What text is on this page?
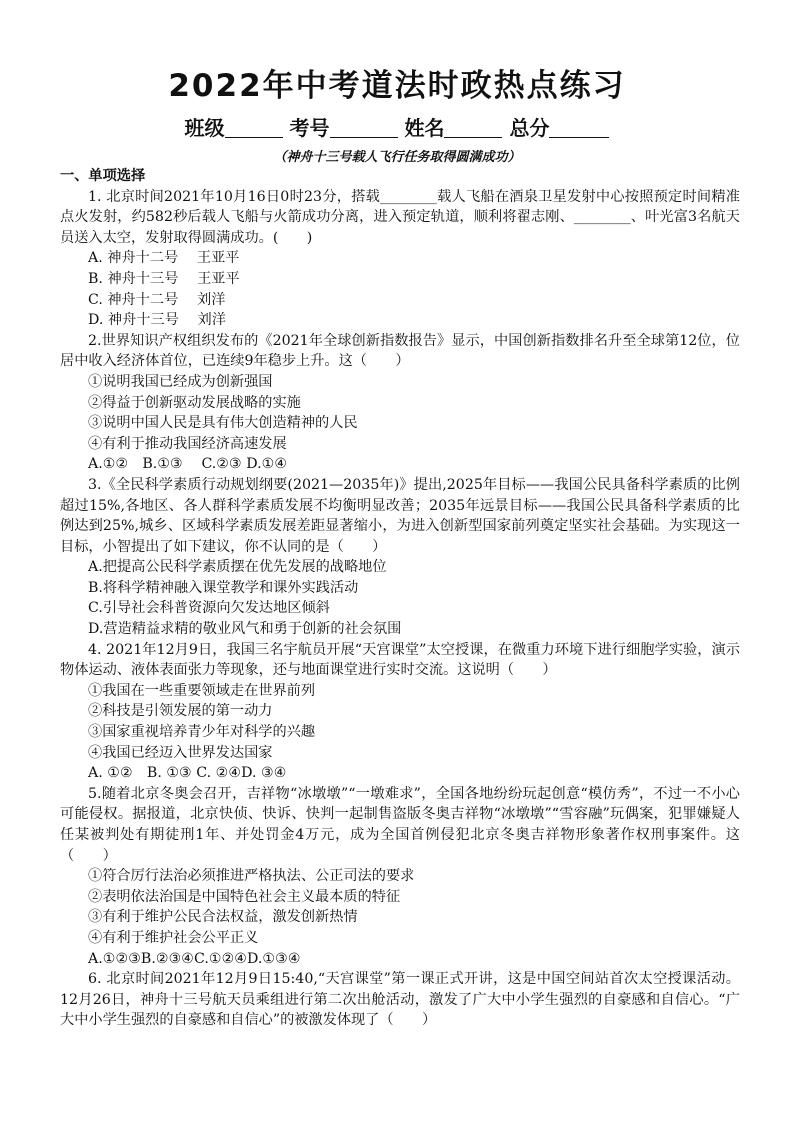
2022年中考道法时政热点练习
班级	考号	姓名	总分
（神舟十三号载人飞行任务取得圆满成功）
一、单项选择

1. 北京时间2021年10月16日0时23分，搭载________载人飞船在酒泉卫星发射中心按照预定时间精准点火发射，约582秒后载人飞船与火箭成功分离，进入预定轨道，顺利将翟志刚、________、叶光富3名航天员送入太空，发射取得圆满成功。(　　)

A. 神舟十二号　 王亚平

B. 神舟十三号　 王亚平

C. 神舟十二号　 刘洋

D. 神舟十三号　 刘洋

2.世界知识产权组织发布的《2021年全球创新指数报告》显示，中国创新指数排名升至全球第12位，位居中收入经济体首位，已连续9年稳步上升。这（　　）

①说明我国已经成为创新强国

②得益于创新驱动发展战略的实施

③说明中国人民是具有伟大创造精神的人民

④有利于推动我国经济高速发展

A.①②　B.①③　 C.②③ D.①④

3.《全民科学素质行动规划纲要(2021—2035年)》提出,2025年目标——我国公民具备科学素质的比例超过15%,各地区、各人群科学素质发展不均衡明显改善；2035年远景目标——我国公民具备科学素质的比例达到25%,城乡、区域科学素质发展差距显著缩小，为进入创新型国家前列奠定坚实社会基础。为实现这一目标，小智提出了如下建议，你不认同的是（　　）

A.把提高公民科学素质摆在优先发展的战略地位

B.将科学精神融入课堂教学和课外实践活动

C.引导社会科普资源向欠发达地区倾斜

D.营造精益求精的敬业风气和勇于创新的社会氛围

4. 2021年12月9日，我国三名宇航员开展“天宫课堂”太空授课，在微重力环境下进行细胞学实验，演示物体运动、液体表面张力等现象，还与地面课堂进行实时交流。这说明（　　）

①我国在一些重要领域走在世界前列

②科技是引领发展的第一动力

③国家重视培养青少年对科学的兴趣

④我国已经迈入世界发达国家

A. ①②　B. ①③ C. ②④D. ③④

5.随着北京冬奥会召开，吉祥物“冰墩墩”“一墩难求”，全国各地纷纷玩起创意“模仿秀”，不过一不小心可能侵权。据报道，北京快侦、快诉、快判一起制售盗版冬奥吉祥物“冰墩墩”“雪容融”玩偶案，犯罪嫌疑人任某被判处有期徒刑1年、并处罚金4万元，成为全国首例侵犯北京冬奥吉祥物形象著作权刑事案件。这（　　）

①符合厉行法治必须推进严格执法、公正司法的要求

②表明依法治国是中国特色社会主义最本质的特征

③有利于维护公民合法权益，激发创新热情

④有利于维护社会公平正义

A.①②③B.②③④C.①②④D.①③④

6. 北京时间2021年12月9日15:40,“天宫课堂”第一课正式开讲，这是中国空间站首次太空授课活动。12月26日，神舟十三号航天员乘组进行第二次出舱活动，激发了广大中小学生强烈的自豪感和自信心。“广大中小学生强烈的自豪感和自信心”的被激发体现了（　　）
